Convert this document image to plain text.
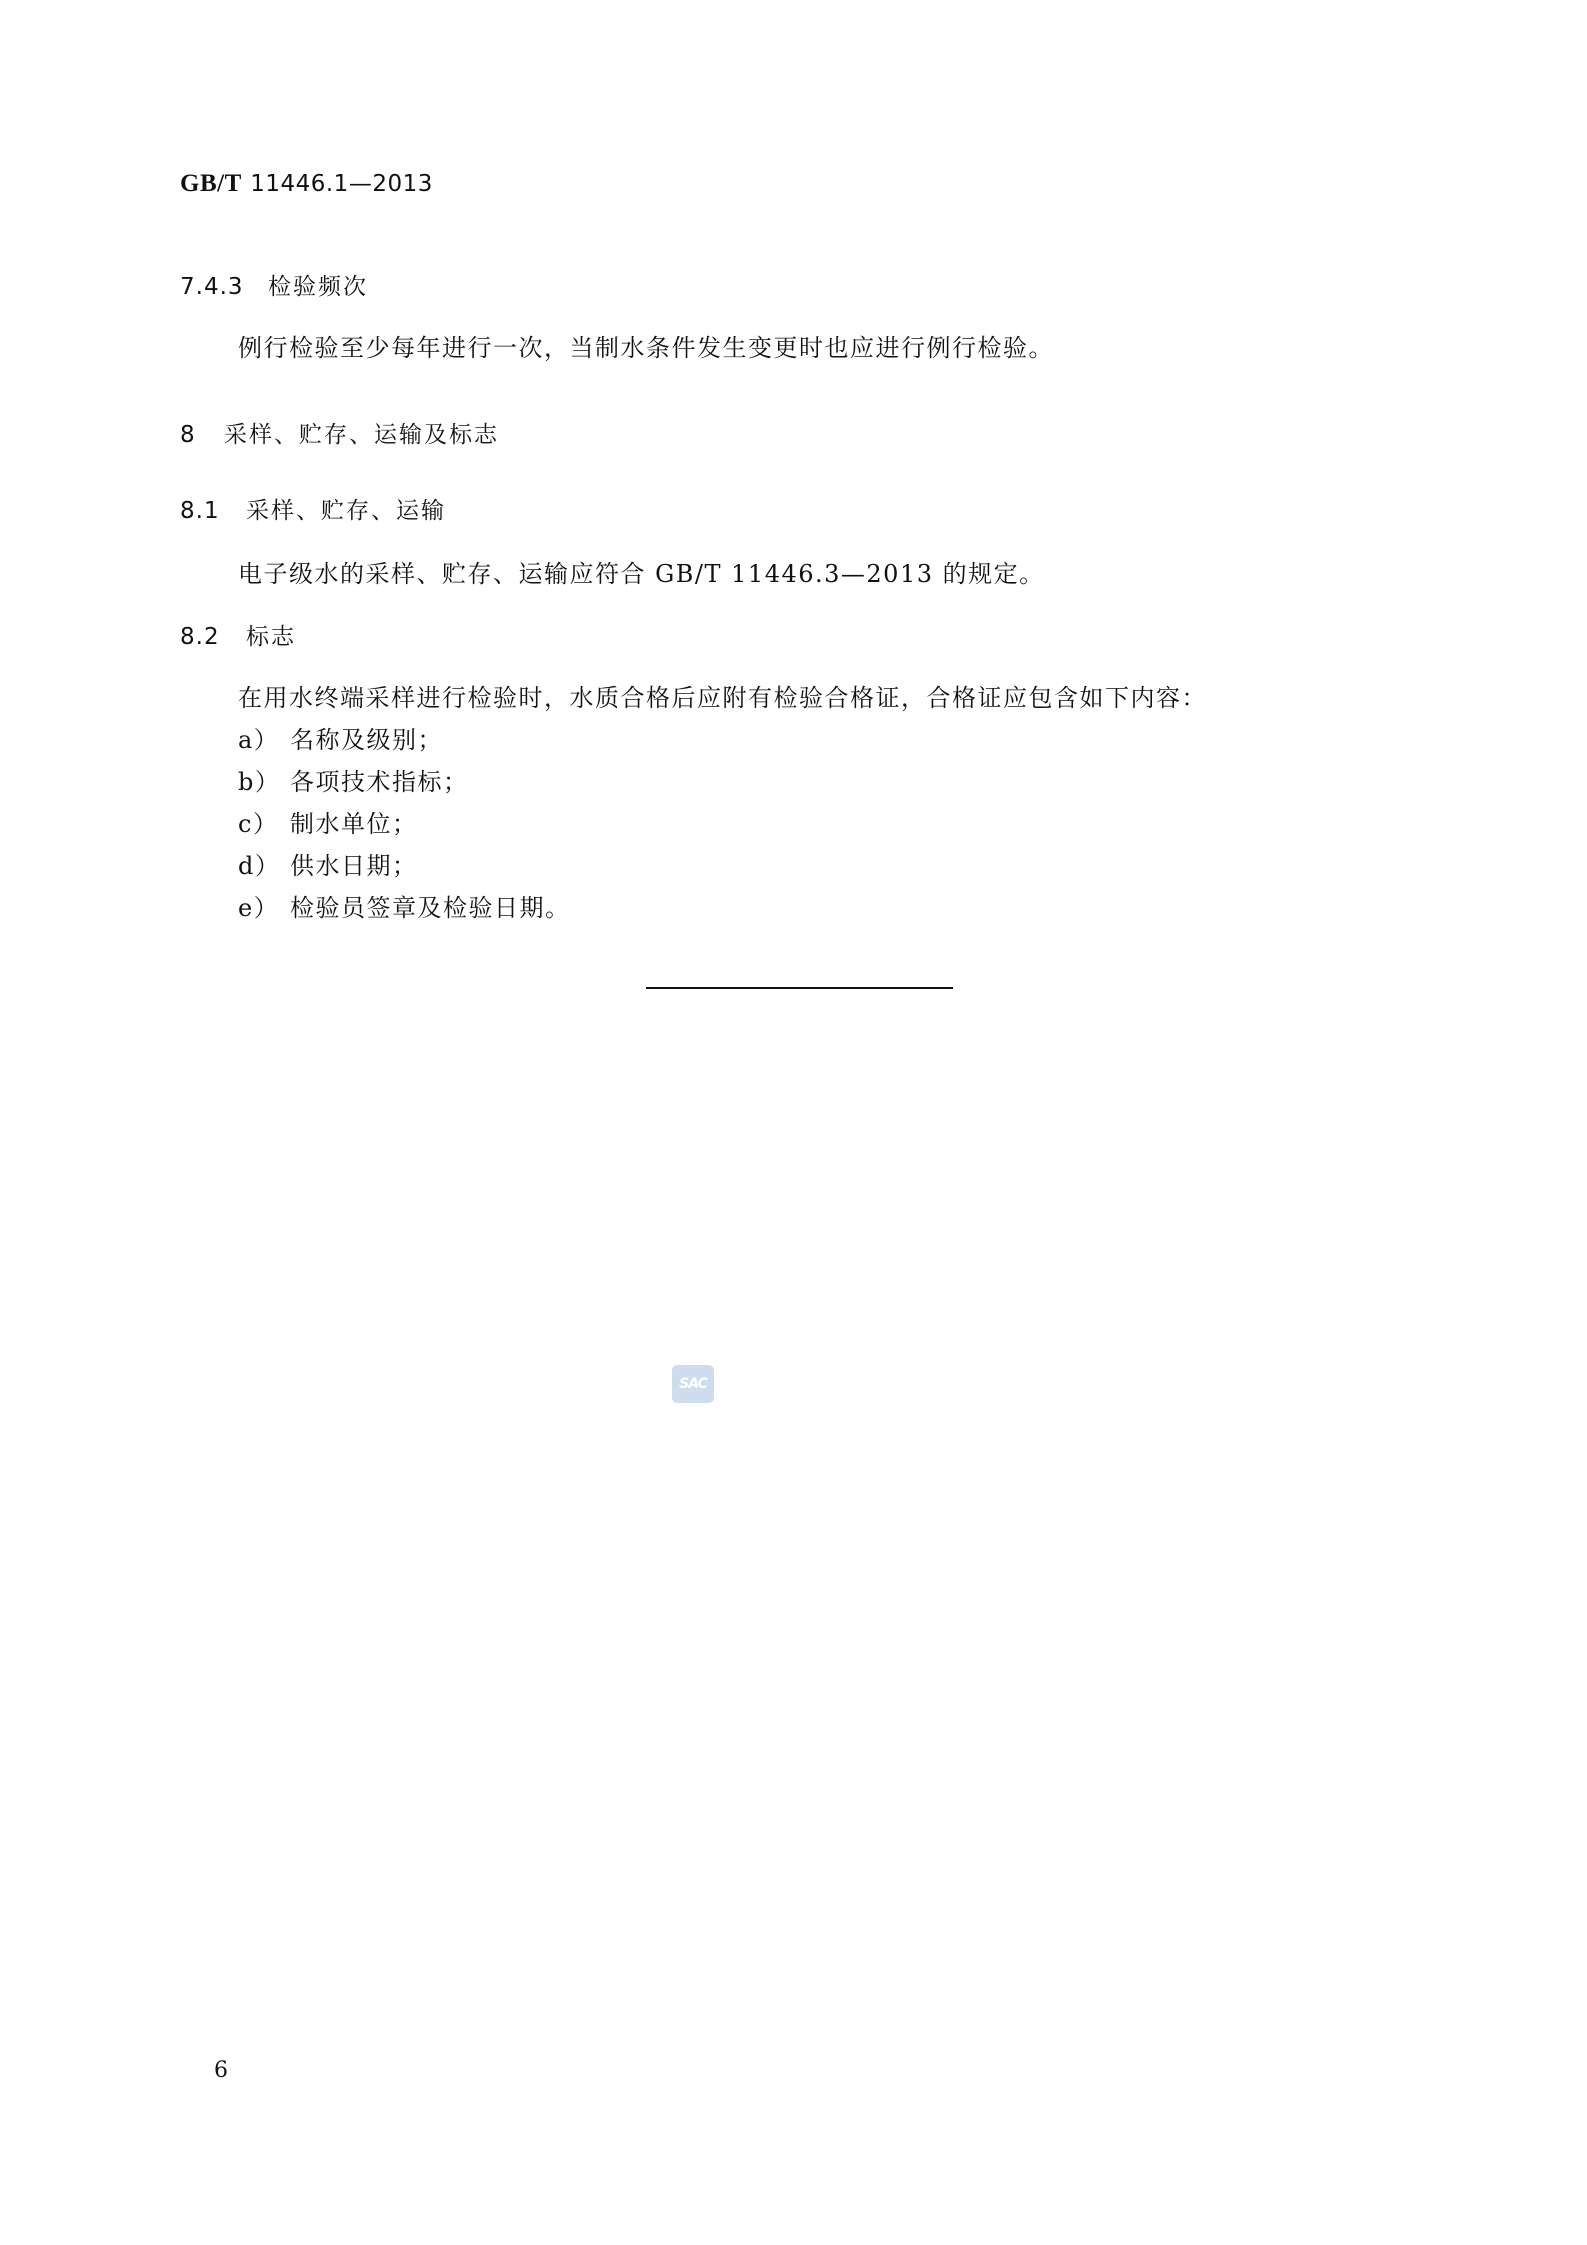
GB/T 11446.1—2013
7.4.3 检验频次
例行检验至少每年进行一次，当制水条件发生变更时也应进行例行检验。
8 采样、贮存、运输及标志
8.1 采样、贮存、运输
电子级水的采样、贮存、运输应符合 GB/T 11446.3—2013 的规定。
8.2 标志
在用水终端采样进行检验时，水质合格后应附有检验合格证，合格证应包含如下内容：
a） 名称及级别；
b） 各项技术指标；
c） 制水单位；
d） 供水日期；
e） 检验员签章及检验日期。
SAC
6
